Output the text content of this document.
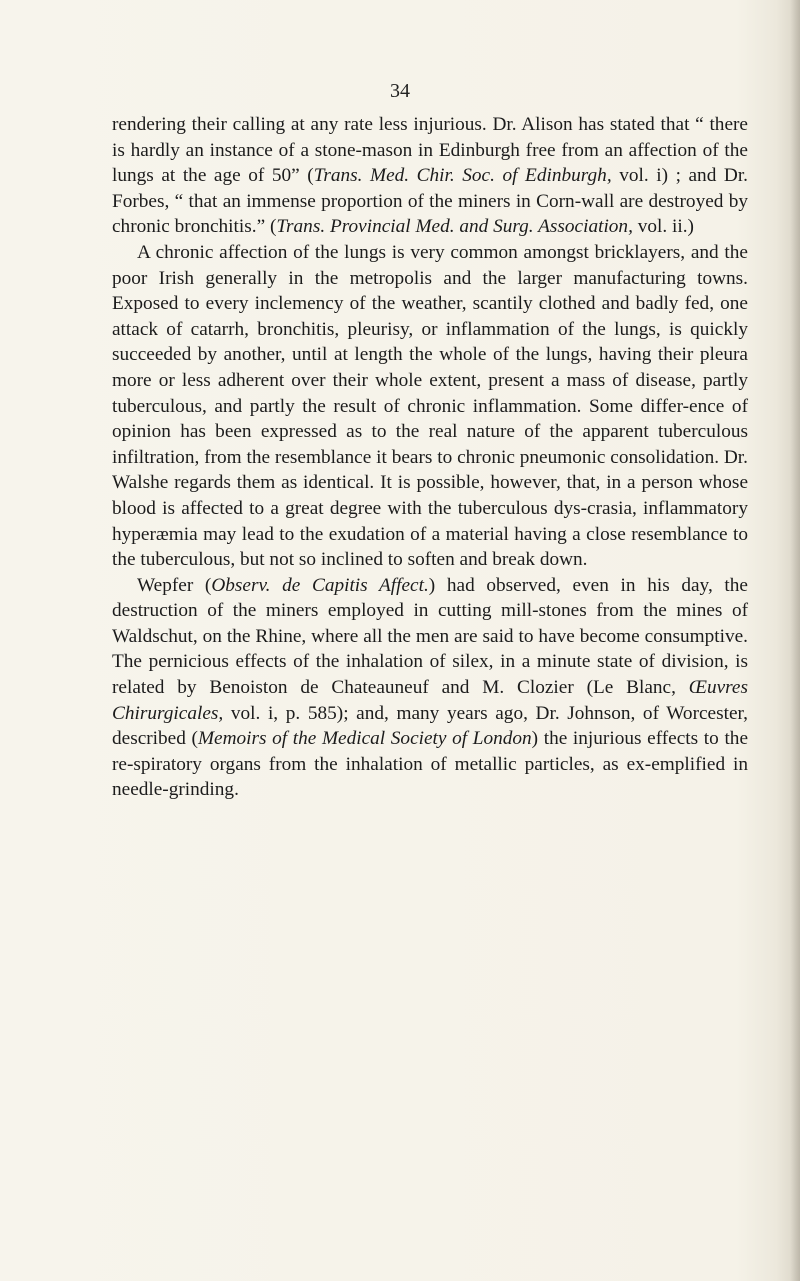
34

rendering their calling at any rate less injurious. Dr. Alison has stated that “ there is hardly an instance of a stone-mason in Edinburgh free from an affection of the lungs at the age of 50” (Trans. Med. Chir. Soc. of Edinburgh, vol. i) ; and Dr. Forbes, “ that an immense proportion of the miners in Corn-wall are destroyed by chronic bronchitis.” (Trans. Provincial Med. and Surg. Association, vol. ii.)

A chronic affection of the lungs is very common amongst bricklayers, and the poor Irish generally in the metropolis and the larger manufacturing towns. Exposed to every inclemency of the weather, scantily clothed and badly fed, one attack of catarrh, bronchitis, pleurisy, or inflammation of the lungs, is quickly succeeded by another, until at length the whole of the lungs, having their pleura more or less adherent over their whole extent, present a mass of disease, partly tuberculous, and partly the result of chronic inflammation. Some differ-ence of opinion has been expressed as to the real nature of the apparent tuberculous infiltration, from the resemblance it bears to chronic pneumonic consolidation. Dr. Walshe regards them as identical. It is possible, however, that, in a person whose blood is affected to a great degree with the tuberculous dys-crasia, inflammatory hyperæmia may lead to the exudation of a material having a close resemblance to the tuberculous, but not so inclined to soften and break down.

Wepfer (Observ. de Capitis Affect.) had observed, even in his day, the destruction of the miners employed in cutting mill-stones from the mines of Waldschut, on the Rhine, where all the men are said to have become consumptive. The pernicious effects of the inhalation of silex, in a minute state of division, is related by Benoiston de Chateauneuf and M. Clozier (Le Blanc, Œuvres Chirurgicales, vol. i, p. 585); and, many years ago, Dr. Johnson, of Worcester, described (Memoirs of the Medical Society of London) the injurious effects to the re-spiratory organs from the inhalation of metallic particles, as ex-emplified in needle-grinding.
